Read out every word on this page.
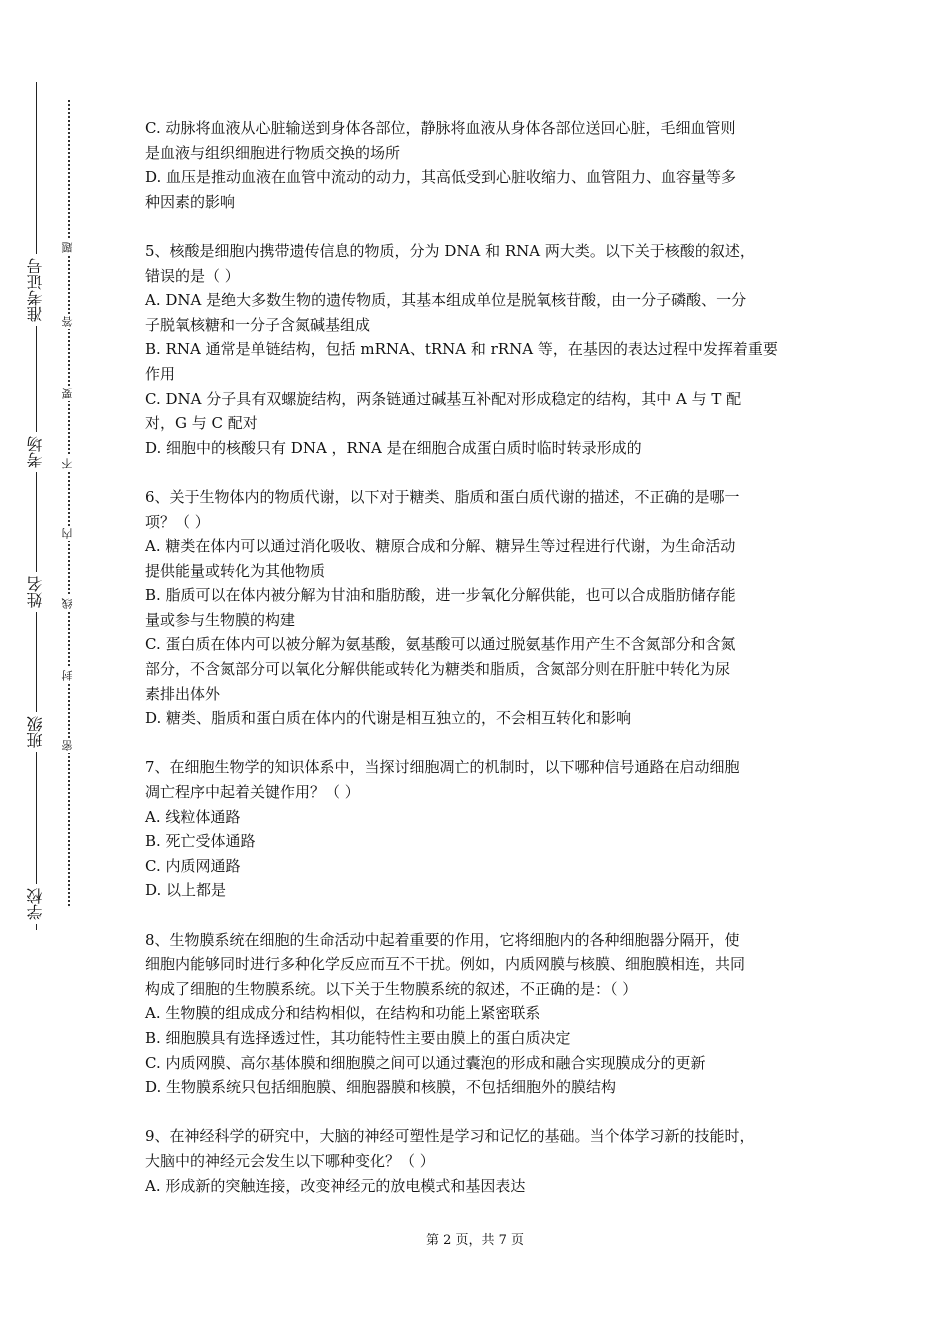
准考证号
考场
姓名
班级
学校
题
答
要
不
内
线
封
密
C. 动脉将血液从心脏输送到身体各部位，静脉将血液从身体各部位送回心脏，毛细血管则
是血液与组织细胞进行物质交换的场所
D. 血压是推动血液在血管中流动的动力，其高低受到心脏收缩力、血管阻力、血容量等多
种因素的影响
5、核酸是细胞内携带遗传信息的物质，分为 DNA 和 RNA 两大类。以下关于核酸的叙述，
错误的是（ ）
A. DNA 是绝大多数生物的遗传物质，其基本组成单位是脱氧核苷酸，由一分子磷酸、一分
子脱氧核糖和一分子含氮碱基组成
B. RNA 通常是单链结构，包括 mRNA、tRNA 和 rRNA 等，在基因的表达过程中发挥着重要
作用
C. DNA 分子具有双螺旋结构，两条链通过碱基互补配对形成稳定的结构，其中 A 与 T 配
对，G 与 C 配对
D. 细胞中的核酸只有 DNA ，RNA 是在细胞合成蛋白质时临时转录形成的
6、关于生物体内的物质代谢，以下对于糖类、脂质和蛋白质代谢的描述，不正确的是哪一
项？（ ）
A. 糖类在体内可以通过消化吸收、糖原合成和分解、糖异生等过程进行代谢，为生命活动
提供能量或转化为其他物质
B. 脂质可以在体内被分解为甘油和脂肪酸，进一步氧化分解供能，也可以合成脂肪储存能
量或参与生物膜的构建
C. 蛋白质在体内可以被分解为氨基酸，氨基酸可以通过脱氨基作用产生不含氮部分和含氮
部分，不含氮部分可以氧化分解供能或转化为糖类和脂质，含氮部分则在肝脏中转化为尿
素排出体外
D. 糖类、脂质和蛋白质在体内的代谢是相互独立的，不会相互转化和影响
7、在细胞生物学的知识体系中，当探讨细胞凋亡的机制时，以下哪种信号通路在启动细胞
凋亡程序中起着关键作用？（ ）
A. 线粒体通路
B. 死亡受体通路
C. 内质网通路
D. 以上都是
8、生物膜系统在细胞的生命活动中起着重要的作用，它将细胞内的各种细胞器分隔开，使
细胞内能够同时进行多种化学反应而互不干扰。例如，内质网膜与核膜、细胞膜相连，共同
构成了细胞的生物膜系统。以下关于生物膜系统的叙述，不正确的是：（ ）
A. 生物膜的组成成分和结构相似，在结构和功能上紧密联系
B. 细胞膜具有选择透过性，其功能特性主要由膜上的蛋白质决定
C. 内质网膜、高尔基体膜和细胞膜之间可以通过囊泡的形成和融合实现膜成分的更新
D. 生物膜系统只包括细胞膜、细胞器膜和核膜，不包括细胞外的膜结构
9、在神经科学的研究中，大脑的神经可塑性是学习和记忆的基础。当个体学习新的技能时，
大脑中的神经元会发生以下哪种变化？（ ）
A. 形成新的突触连接，改变神经元的放电模式和基因表达
第 2 页，共 7 页
